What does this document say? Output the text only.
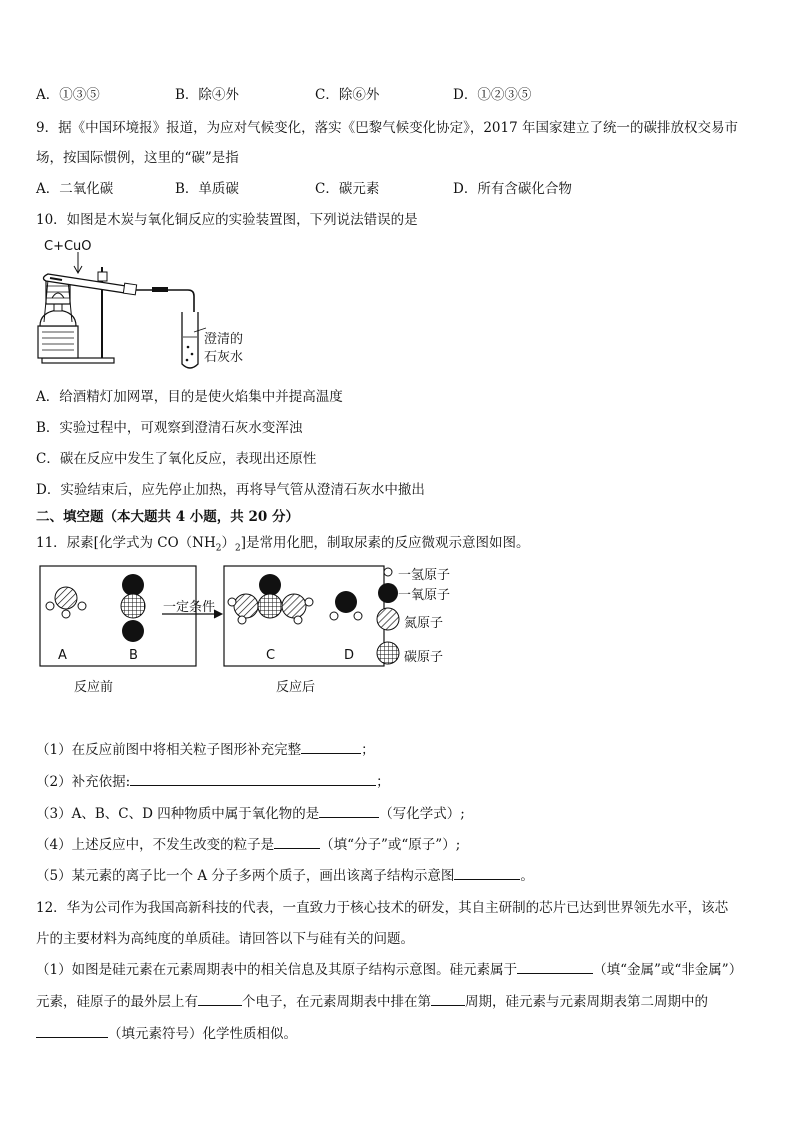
A．①③⑤	B．除④外	C．除⑥外	D．①②③⑤
9．据《中国环境报》报道，为应对气候变化，落实《巴黎气候变化协定》，2017 年国家建立了统一的碳排放权交易市
场，按国际惯例，这里的“碳”是指
A．二氧化碳	B．单质碳	C．碳元素	D．所有含碳化合物
10．如图是木炭与氧化铜反应的实验装置图，下列说法错误的是
C+CuO
澄清的
石灰水
A．给酒精灯加网罩，目的是使火焰集中并提高温度
B．实验过程中，可观察到澄清石灰水变浑浊
C．碳在反应中发生了氧化反应，表现出还原性
D．实验结束后，应先停止加热，再将导气管从澄清石灰水中撤出
二、填空题（本大题共 4 小题，共 20 分）
11．尿素[化学式为 $CO(NH_2)_2$]是常用化肥，制取尿素的反应微观示意图如图。
A	B	C	D
一定条件
反应前	反应后
一氢原子
一氧原子
氮原子
碳原子
（1）在反应前图中将相关粒子图形补充完整	；
（2）补充依据:	；
（3）A、B、C、D 四种物质中属于氧化物的是	（写化学式）;
（4）上述反应中，不发生改变的粒子是	（填“分子”或“原子”）;
（5）某元素的离子比一个 A 分子多两个质子，画出该离子结构示意图	。
12．华为公司作为我国高新科技的代表，一直致力于核心技术的研发，其自主研制的芯片已达到世界领先水平，该芯
片的主要材料为高纯度的单质硅。请回答以下与硅有关的问题。
（1）如图是硅元素在元素周期表中的相关信息及其原子结构示意图。硅元素属于	（填“金属”或“非金属”）
元素，硅原子的最外层上有	个电子，在元素周期表中排在第	周期，硅元素与元素周期表第二周期中的
（填元素符号）化学性质相似。
